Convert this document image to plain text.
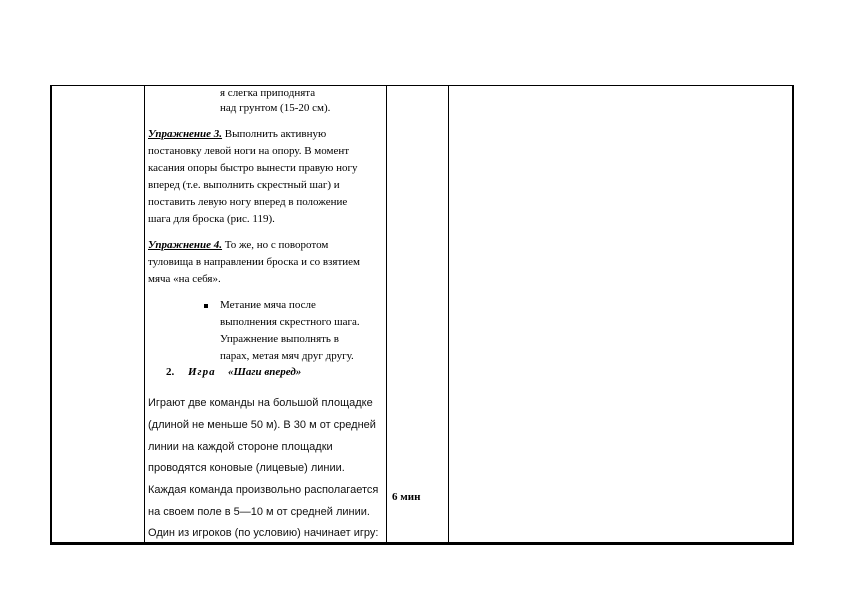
я слегка приподнята
над грунтом (15-20 см).
Упражнение 3. Выполнить активную
постановку левой ноги на опору. В момент
касания опоры быстро вынести правую ногу
вперед (т.е. выполнить скрестный шаг) и
поставить левую ногу вперед в положение
шага для броска (рис. 119).
Упражнение 4. То же, но с поворотом
туловища в направлении броска и со взятием
мяча «на себя».
Метание мяча после
выполнения скрестного шага.
Упражнение выполнять в
парах, метая мяч друг другу.
2. Игра «Шаги вперед»
Играют две команды на большой площадке
(длиной не меньше 50 м). В 30 м от средней
линии на каждой стороне площадки
проводятся коновые (лицевые) линии.
Каждая команда произвольно располагается
на своем поле в 5—10 м от средней линии.
Один из игроков (по условию) начинает игру:
6 мин
